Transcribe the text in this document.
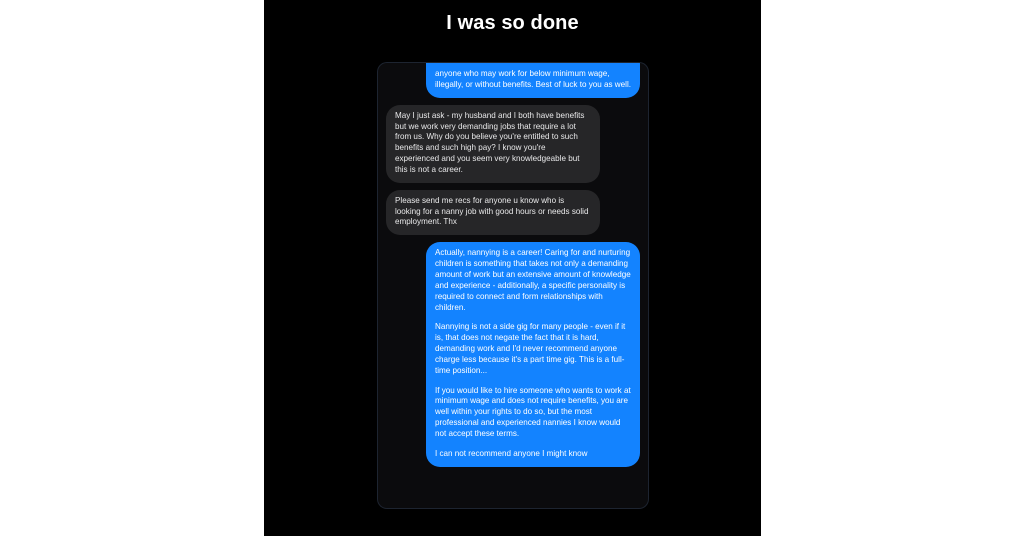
I was so done

anyone who may work for below minimum wage, illegally, or without benefits. Best of luck to you as well.

May I just ask - my husband and I both have benefits but we work very demanding jobs that require a lot from us. Why do you believe you're entitled to such benefits and such high pay? I know you're experienced and you seem very knowledgeable but this is not a career.

Please send me recs for anyone u know who is looking for a nanny job with good hours or needs solid employment. Thx

Actually, nannying is a career! Caring for and nurturing children is something that takes not only a demanding amount of work but an extensive amount of knowledge and experience - additionally, a specific personality is required to connect and form relationships with children.

Nannying is not a side gig for many people - even if it is, that does not negate the fact that it is hard, demanding work and I'd never recommend anyone charge less because it's a part time gig. This is a full-time position...

If you would like to hire someone who wants to work at minimum wage and does not require benefits, you are well within your rights to do so, but the most professional and experienced nannies I know would not accept these terms.

I can not recommend anyone I might know
